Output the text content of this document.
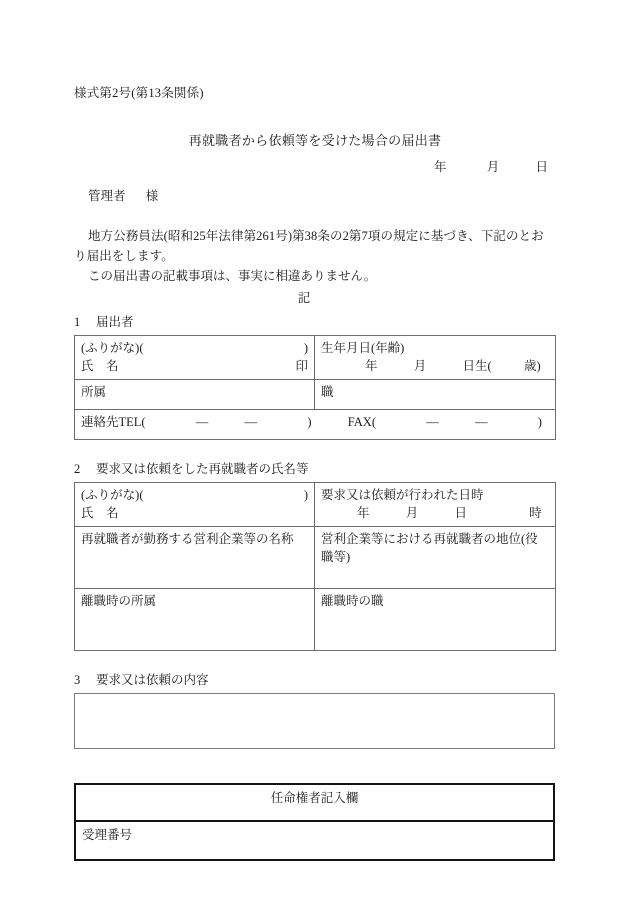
様式第2号(第13条関係)
再就職者から依頼等を受けた場合の届出書
年	月	日
管理者 様

地方公務員法(昭和25年法律第261号)第38条の2第7項の規定に基づき、下記のとおり届出をします。

この届出書の記載事項は、事実に相違ありません。

記
1 届出者
(ふりがな)(	)
氏　名	印

生年月日(年齢)
年	月	日生(	歳)

所属	職
連絡先TEL( — — ) FAX( — — )	
2 要求又は依頼をした再就職者の氏名等
(ふりがな)(	)
氏　名

要求又は依頼が行われた日時
年	月	日	時

再就職者が勤務する営利企業等の名称	営利企業等における再就職者の地位(役職等)
離職時の所属	離職時の職
3 要求又は依頼の内容
任命権者記入欄
受理番号
